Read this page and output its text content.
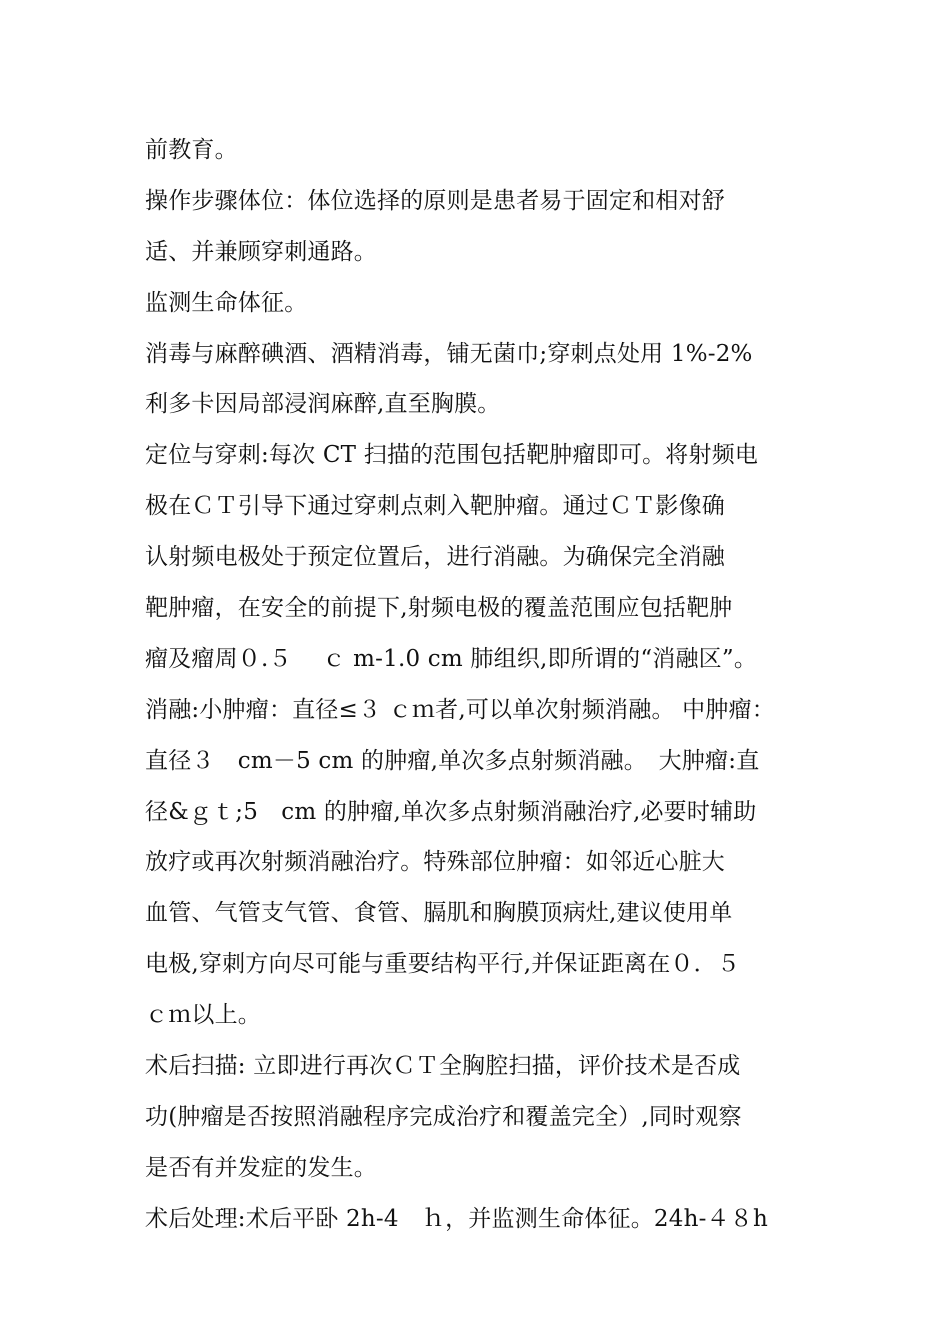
前教育。
操作步骤体位：体位选择的原则是患者易于固定和相对舒
适、并兼顾穿刺通路。
监测生命体征。
消毒与麻醉碘酒、酒精消毒，铺无菌巾;穿刺点处用 1%-2%
利多卡因局部浸润麻醉,直至胸膜。
定位与穿刺:每次 CT 扫描的范围包括靶肿瘤即可。将射频电
极在ＣＴ引导下通过穿刺点刺入靶肿瘤。通过ＣＴ影像确
认射频电极处于预定位置后，进行消融。为确保完全消融
靶肿瘤，在安全的前提下,射频电极的覆盖范围应包括靶肿
瘤及瘤周０.５　 ｃ m-1.0 cm 肺组织,即所谓的“消融区”。
消融:小肿瘤：直径≤３ ｃｍ者,可以单次射频消融。 中肿瘤：
直径３　cm－5 cm 的肿瘤,单次多点射频消融。　大肿瘤:直
径&ｇｔ;5　cm 的肿瘤,单次多点射频消融治疗,必要时辅助
放疗或再次射频消融治疗。特殊部位肿瘤：如邻近心脏大
血管、气管支气管、食管、膈肌和胸膜顶病灶,建议使用单
电极,穿刺方向尽可能与重要结构平行,并保证距离在０．５
ｃｍ以上。
术后扫描: 立即进行再次ＣＴ全胸腔扫描，评价技术是否成
功(肿瘤是否按照消融程序完成治疗和覆盖完全）,同时观察
是否有并发症的发生。
术后处理:术后平卧 2h-4　ｈ，并监测生命体征。24h-４８h
